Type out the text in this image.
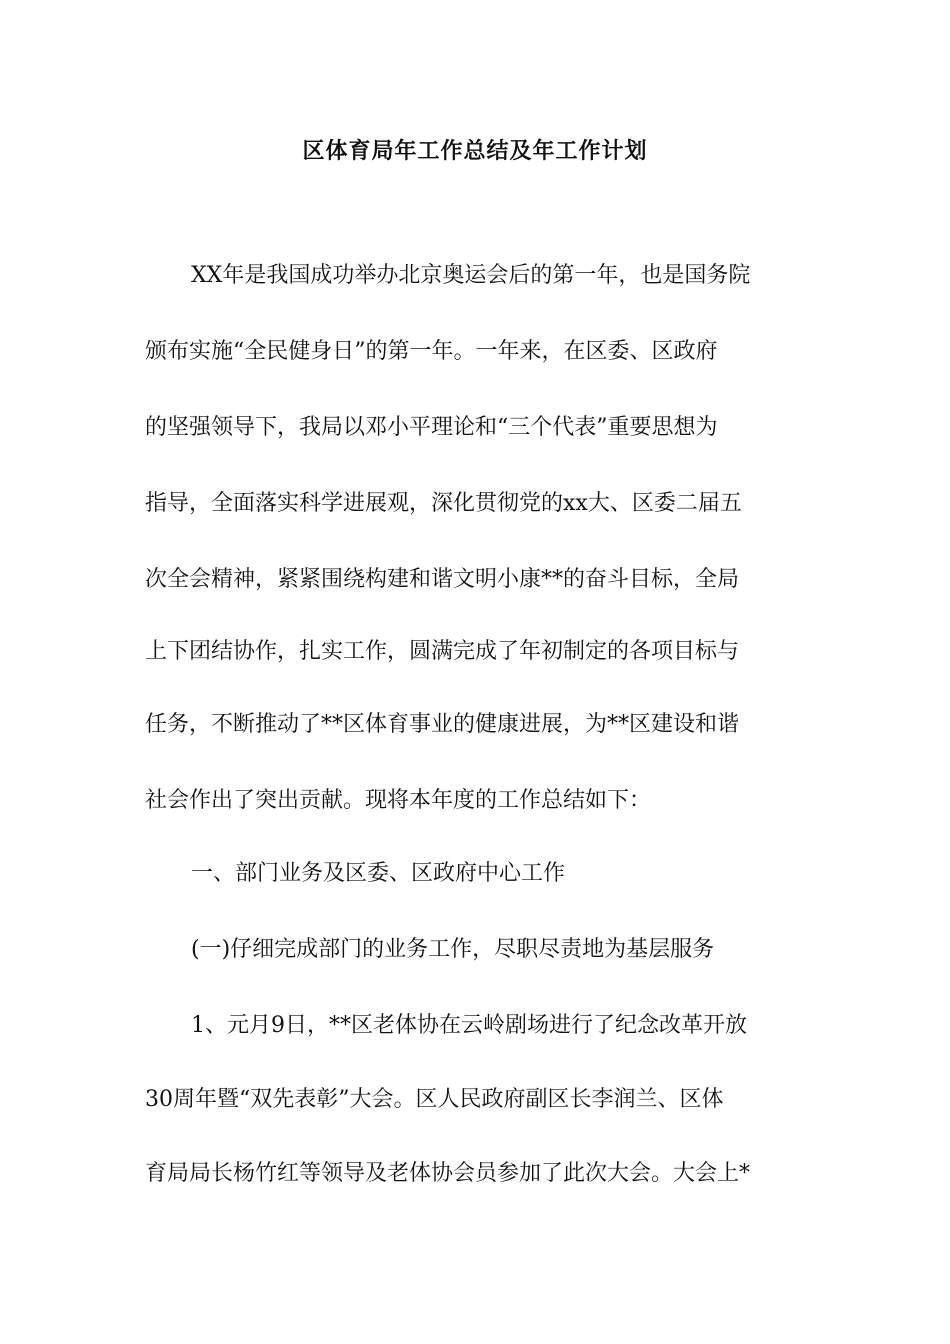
区体育局年工作总结及年工作计划
XX年是我国成功举办北京奥运会后的第一年，也是国务院
颁布实施“全民健身日”的第一年。一年来，在区委、区政府
的坚强领导下，我局以邓小平理论和“三个代表”重要思想为
指导，全面落实科学进展观，深化贯彻党的xx大、区委二届五
次全会精神，紧紧围绕构建和谐文明小康**的奋斗目标，全局
上下团结协作，扎实工作，圆满完成了年初制定的各项目标与
任务，不断推动了**区体育事业的健康进展，为**区建设和谐
社会作出了突出贡献。现将本年度的工作总结如下：
一、部门业务及区委、区政府中心工作
(一)仔细完成部门的业务工作，尽职尽责地为基层服务
1、元月9日，**区老体协在云岭剧场进行了纪念改革开放
30周年暨“双先表彰”大会。区人民政府副区长李润兰、区体
育局局长杨竹红等领导及老体协会员参加了此次大会。大会上*
